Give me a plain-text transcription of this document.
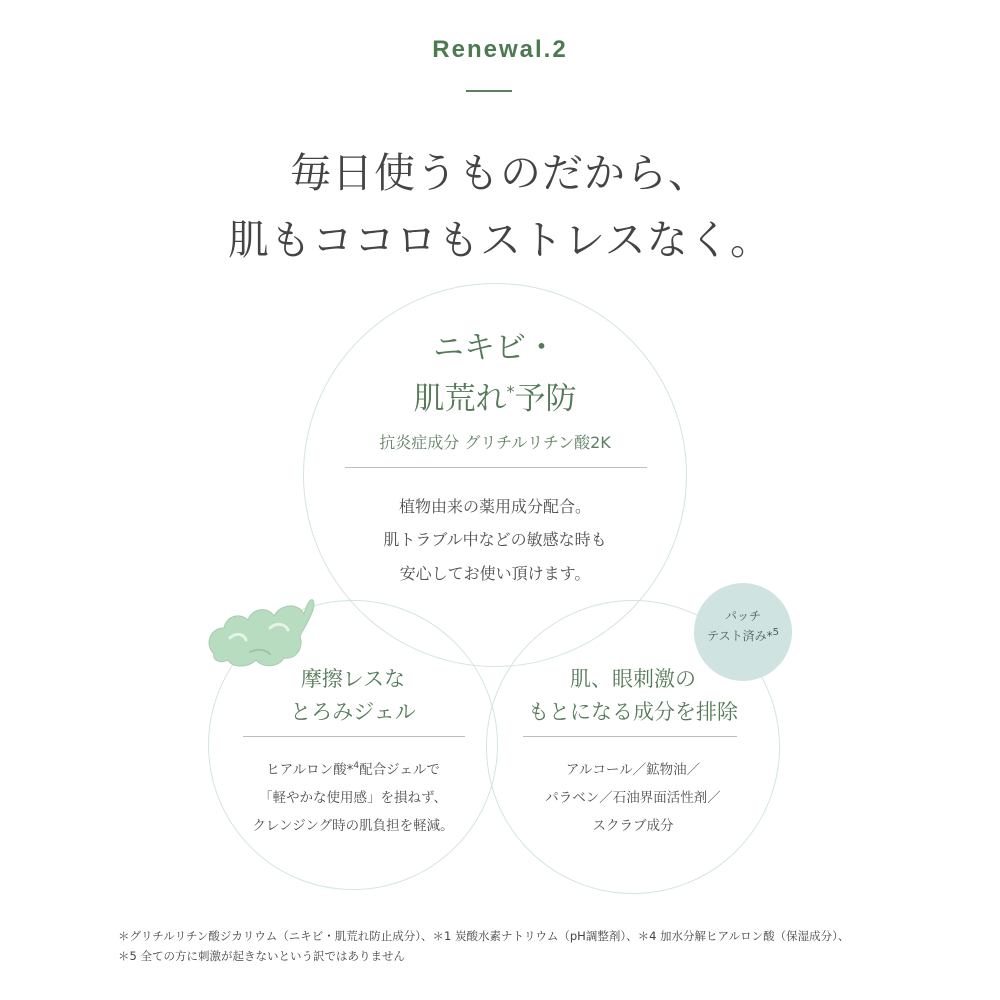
Renewal.2
毎日使うものだから、
肌もココロもストレスなく。
ニキビ・
肌荒れ*予防
抗炎症成分 グリチルリチン酸2K
植物由来の薬用成分配合。
肌トラブル中などの敏感な時も
安心してお使い頂けます。
摩擦レスな
とろみジェル
ヒアルロン酸*$^4$配合ジェルで
「軽やかな使用感」を損ねず、
クレンジング時の肌負担を軽減。
肌、眼刺激の
もとになる成分を排除
アルコール／鉱物油／
パラベン／石油界面活性剤／
スクラブ成分
パッチ
テスト済み*$^5$
＊グリチルリチン酸ジカリウム（ニキビ・肌荒れ防止成分）、＊1 炭酸水素ナトリウム（pH調整剤）、＊4 加水分解ヒアルロン酸（保湿成分）、
＊5 全ての方に刺激が起きないという訳ではありません
